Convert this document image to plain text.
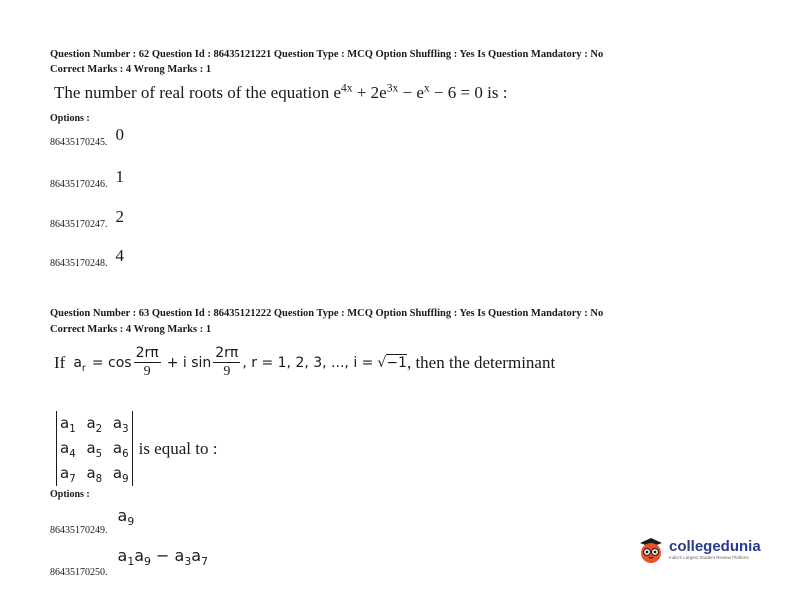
Question Number : 62 Question Id : 86435121221 Question Type : MCQ Option Shuffling : Yes Is Question Mandatory : No
Correct Marks : 4 Wrong Marks : 1
The number of real roots of the equation $e^{4x} + 2e^{3x} - e^x - 6 = 0$ is :
Options :
86435170245. 0
86435170246. 1
86435170247. 2
86435170248. 4
Question Number : 63 Question Id : 86435121222 Question Type : MCQ Option Shuffling : Yes Is Question Mandatory : No
Correct Marks : 4 Wrong Marks : 1
If $a_r = \cos \frac{2r\pi}{9} + i$ $\sin \frac{2r\pi}{9}$ , r = 1, 2, 3, ..., i = √−1 , then the determinant
$a_1$ $a_2$ $a_3$
$a_4$ $a_5$ $a_6$
$a_7$ $a_8$ $a_9$
is equal to :
Options :
$_{86435170249.}$ $a_9$
$_{86435170250.}$ $a_1a_9 - a_3a_7$
collegedunia
India's Largest Student Review Platform
